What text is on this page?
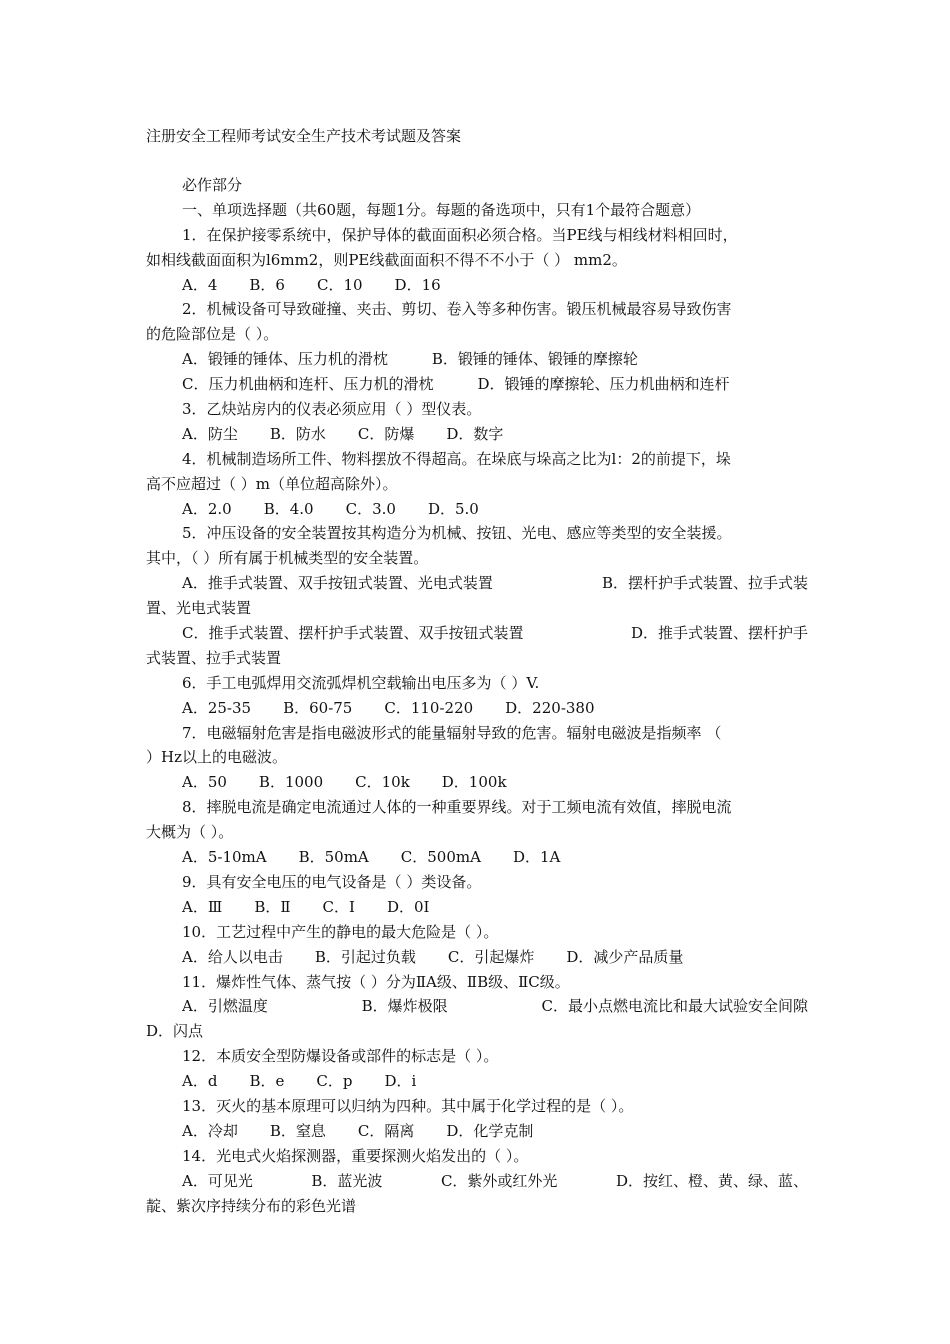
注册安全工程师考试安全生产技术考试题及答案
必作部分
一、单项选择题（共60题，每题1分。每题的备选项中，只有1个最符合题意）
1．在保护接零系统中，保护导体的截面面积必须合格。当PE线与相线材料相回时，
如相线截面面积为l6mm2，则PE线截面面积不得不不小于（ ） mm2。
A．4 B．6 C．10 D．16
2．机械设备可导致碰撞、夹击、剪切、卷入等多种伤害。锻压机械最容易导致伤害
的危险部位是（ ）。
A．锻锤的锤体、压力机的滑枕	B．锻锤的锤体、锻锤的摩擦轮
C．压力机曲柄和连杆、压力机的滑枕	D．锻锤的摩擦轮、压力机曲柄和连杆
3．乙炔站房内的仪表必须应用（ ）型仪表。
A．防尘 B．防水 C．防爆 D．数字
4．机械制造场所工件、物料摆放不得超高。在垛底与垛高之比为l：2的前提下，垛
高不应超过（ ）m（单位超高除外）。
A．2.0 B．4.0 C．3.0 D．5.0
5．冲压设备的安全装置按其构造分为机械、按钮、光电、感应等类型的安全装援。
其中，（ ）所有属于机械类型的安全装置。
A．推手式装置、双手按钮式装置、光电式装置	B．摆杆护手式装置、拉手式装
置、光电式装置
C．推手式装置、摆杆护手式装置、双手按钮式装置	D．推手式装置、摆杆护手
式装置、拉手式装置
6．手工电弧焊用交流弧焊机空载输出电压多为（ ）V.
A．25-35 B．60-75 C．110-220 D．220-380
7．电磁辐射危害是指电磁波形式的能量辐射导致的危害。辐射电磁波是指频率 （
）Hz以上的电磁波。
A．50 B．1000 C．10k D．100k
8．摔脱电流是确定电流通过人体的一种重要界线。对于工频电流有效值，摔脱电流
大概为（ ）。
A．5-10mA B．50mA C．500mA D．1A
9．具有安全电压的电气设备是（ ）类设备。
A．Ⅲ B．Ⅱ C．I D．0I
10．工艺过程中产生的静电的最大危险是（ ）。
A．给人以电击 B．引起过负载 C．引起爆炸 D．减少产品质量
11．爆炸性气体、蒸气按（ ）分为ⅡA级、ⅡB级、ⅡC级。
A．引燃温度	B．爆炸极限	C．最小点燃电流比和最大试验安全间隙
D．闪点
12．本质安全型防爆设备或部件的标志是（ ）。
A．d B．e C．p D．i
13．灭火的基本原理可以归纳为四种。其中属于化学过程的是（ ）。
A．冷却 B．窒息 C．隔离 D．化学克制
14．光电式火焰探测器，重要探测火焰发出的（ ）。
A．可见光	B．蓝光波	C．紫外或红外光	D．按红、橙、黄、绿、蓝、
靛、紫次序持续分布的彩色光谱
